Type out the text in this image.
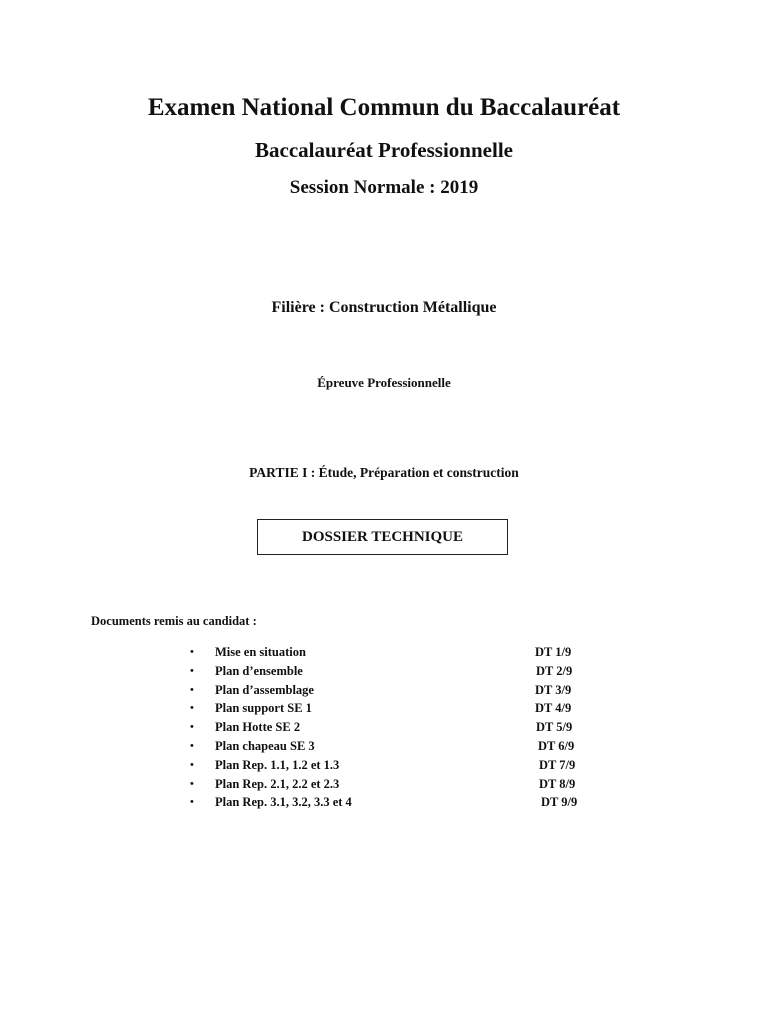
Examen National Commun du Baccalauréat
Baccalauréat Professionnelle
Session Normale : 2019
Filière : Construction Métallique
Épreuve Professionnelle
PARTIE I : Étude, Préparation et construction
DOSSIER TECHNIQUE
Documents remis au candidat :
• Mise en situation	DT 1/9
• Plan d’ensemble	DT 2/9
• Plan d’assemblage	DT 3/9
• Plan support SE 1	DT 4/9
• Plan Hotte SE 2	DT 5/9
• Plan chapeau SE 3	DT 6/9
• Plan Rep. 1.1, 1.2 et 1.3	DT 7/9
• Plan Rep. 2.1, 2.2 et 2.3	DT 8/9
• Plan Rep. 3.1, 3.2, 3.3 et 4	DT 9/9
